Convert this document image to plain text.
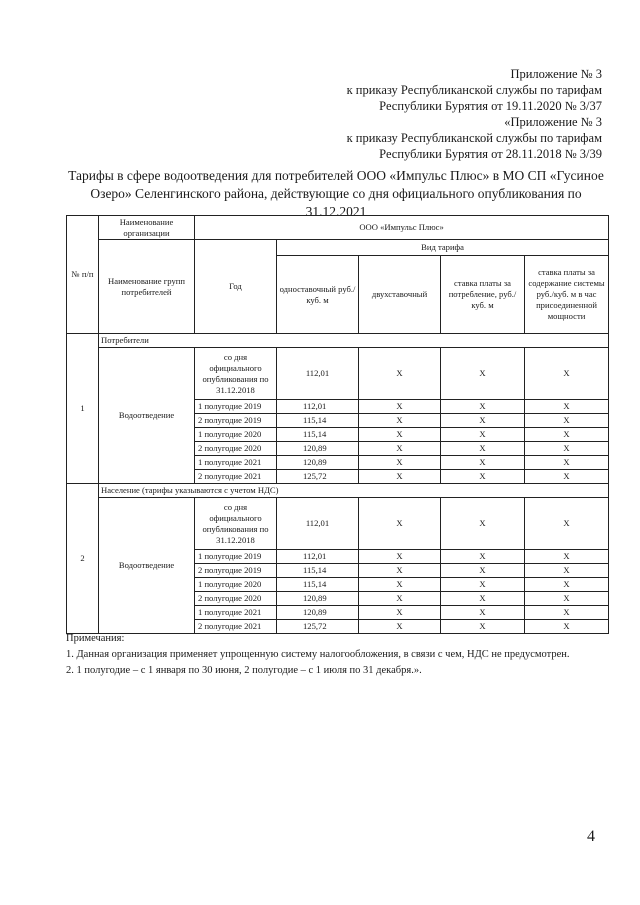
Приложение № 3
к приказу Республиканской службы по тарифам
Республики Бурятия от 19.11.2020 № 3/37
«Приложение № 3
к приказу Республиканской службы по тарифам
Республики Бурятия от 28.11.2018 № 3/39
Тарифы в сфере водоотведения для потребителей ООО «Импульс Плюс» в МО СП «Гусиное Озеро» Селенгинского района, действующие со дня официального опубликования по 31.12.2021
№ п/п	Наименование организации	ООО «Импульс Плюс»				
	Наименование групп потребителей	Год	Вид тарифа			
			одноставочный руб./ куб. м	двухставочный	ставка платы за потребление, руб./ куб. м	ставка платы за содержание системы руб./куб. м в час присоединенной мощности
1	Потребители					
	Водоотведение	со дня официального опубликования по 31.12.2018	112,01	Х	Х	Х
		1 полугодие 2019	112,01	Х	Х	Х
		2 полугодие 2019	115,14	Х	Х	Х
		1 полугодие 2020	115,14	Х	Х	Х
		2 полугодие 2020	120,89	Х	Х	Х
		1 полугодие 2021	120,89	Х	Х	Х
		2 полугодие 2021	125,72	Х	Х	Х
2	Население (тарифы указываются с учетом НДС)					
	Водоотведение	со дня официального опубликования по 31.12.2018	112,01	Х	Х	Х
		1 полугодие 2019	112,01	Х	Х	Х
		2 полугодие 2019	115,14	Х	Х	Х
		1 полугодие 2020	115,14	Х	Х	Х
		2 полугодие 2020	120,89	Х	Х	Х
		1 полугодие 2021	120,89	Х	Х	Х
		2 полугодие 2021	125,72	Х	Х	Х

Примечания:

1. Данная организация применяет упрощенную систему налогообложения, в связи с чем, НДС не предусмотрен.

2. 1 полугодие – с 1 января по 30 июня, 2 полугодие – с 1 июля по 31 декабря.».

4
